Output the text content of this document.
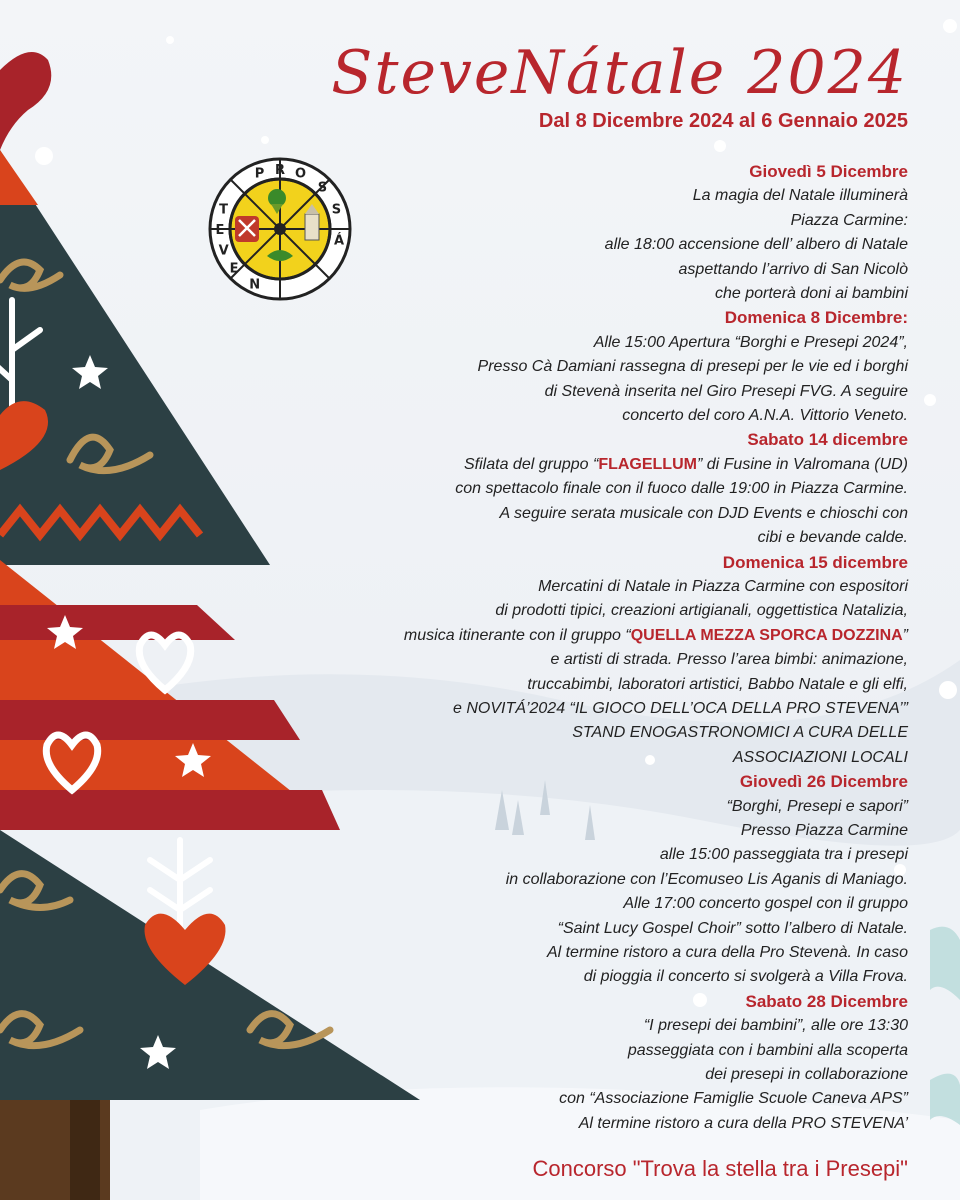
SteveNátale 2024
Dal 8 Dicembre 2024 al 6 Gennaio 2025
P R O
S
T
E
V
E
N
Á
S
Giovedì 5 Dicembre
La magia del Natale illuminerà
Piazza Carmine:
alle 18:00 accensione dell’ albero di Natale
aspettando l’arrivo di San Nicolò
che porterà doni ai bambini
Domenica 8 Dicembre:
Alle 15:00 Apertura “Borghi e Presepi 2024”,
Presso Cà Damiani rassegna di presepi per le vie ed i borghi
di Stevenà inserita nel Giro Presepi FVG. A seguire
concerto del coro A.N.A. Vittorio Veneto.
Sabato 14 dicembre
Sfilata del gruppo “FLAGELLUM” di Fusine in Valromana (UD)
con spettacolo finale con il fuoco dalle 19:00 in Piazza Carmine.
A seguire serata musicale con DJD Events e chioschi con
cibi e bevande calde.
Domenica 15 dicembre
Mercatini di Natale in Piazza Carmine con espositori
di prodotti tipici, creazioni artigianali, oggettistica Natalizia,
musica itinerante con il gruppo “QUELLA MEZZA SPORCA DOZZINA”
e artisti di strada. Presso l’area bimbi: animazione,
truccabimbi, laboratori artistici, Babbo Natale e gli elfi,
e NOVITÁ’2024 “IL GIOCO DELL’OCA DELLA PRO STEVENA’”
STAND ENOGASTRONOMICI A CURA DELLE
ASSOCIAZIONI LOCALI
Giovedì 26 Dicembre
“Borghi, Presepi e sapori”
Presso Piazza Carmine
alle 15:00 passeggiata tra i presepi
in collaborazione con l’Ecomuseo Lis Aganis di Maniago.
Alle 17:00 concerto gospel con il gruppo
“Saint Lucy Gospel Choir” sotto l’albero di Natale.
Al termine ristoro a cura della Pro Stevenà. In caso
di pioggia il concerto si svolgerà a Villa Frova.
Sabato 28 Dicembre
“I presepi dei bambini”, alle ore 13:30
passeggiata con i bambini alla scoperta
dei presepi in collaborazione
con “Associazione Famiglie Scuole Caneva APS”
Al termine ristoro a cura della PRO STEVENA’
Concorso "Trova la stella tra i Presepi"
